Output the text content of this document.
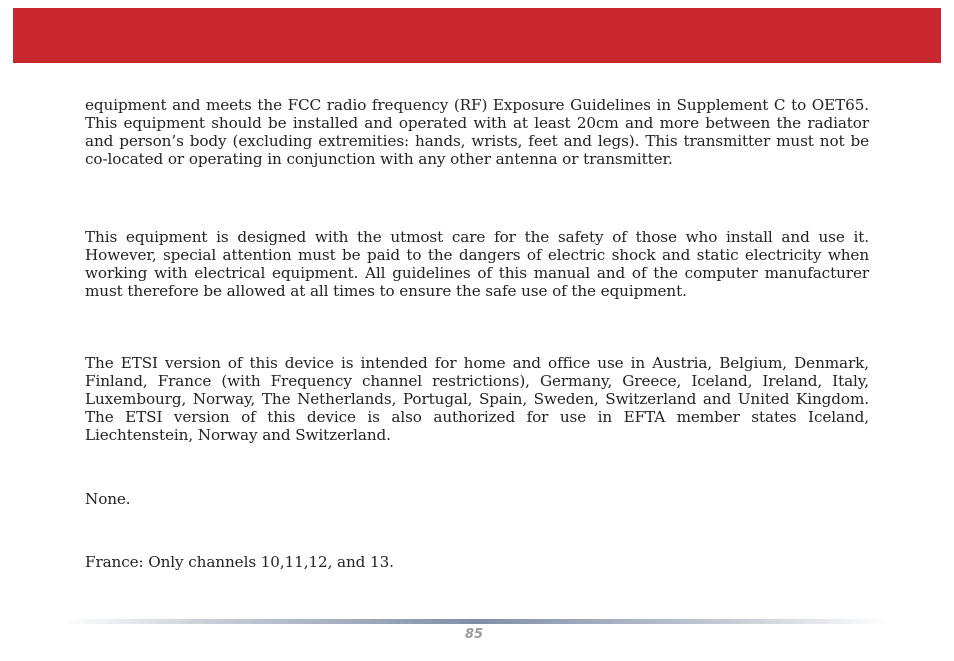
equipment and meets the FCC radio frequency (RF) Exposure Guidelines in Supplement C to OET65. This equipment should be installed and operated with at least 20cm and more between the radiator and person’s body (excluding extremities: hands, wrists, feet and legs). This transmitter must not be co-located or operating in conjunction with any other antenna or transmitter.

This equipment is designed with the utmost care for the safety of those who install and use it. However, special attention must be paid to the dangers of electric shock and static electricity when working with electrical equipment. All guidelines of this manual and of the computer manufacturer must therefore be allowed at all times to ensure the safe use of the equipment.

The ETSI version of this device is intended for home and office use in Austria, Belgium, Denmark, Finland, France (with Frequency channel restrictions), Germany, Greece, Iceland, Ireland, Italy, Luxembourg, Norway, The Netherlands, Portugal, Spain, Sweden, Switzerland and United Kingdom. The ETSI version of this device is also authorized for use in EFTA member states Iceland, Liechtenstein, Norway and Switzerland.

None.

France: Only channels 10,11,12, and 13.

85
